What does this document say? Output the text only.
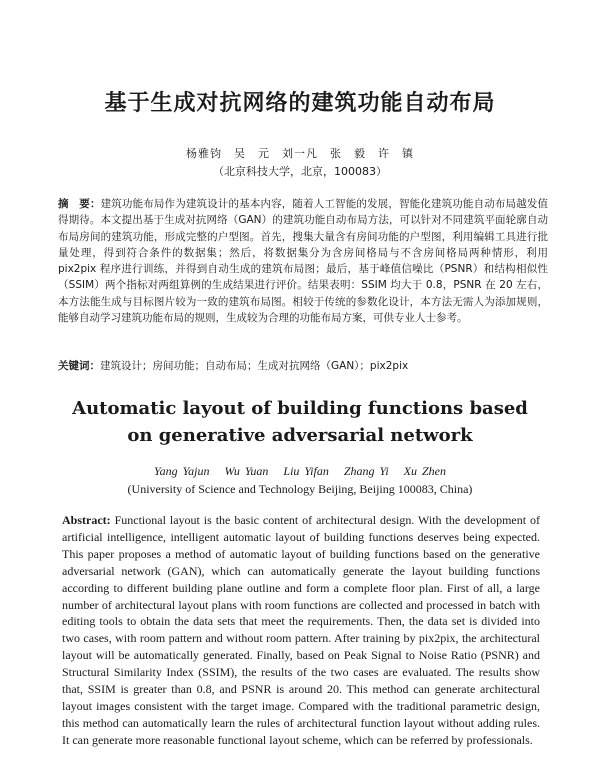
基于生成对抗网络的建筑功能自动布局
杨雅钧　吴　元　刘一凡　张　毅　许　镇
（北京科技大学，北京，100083）
摘　要：建筑功能布局作为建筑设计的基本内容，随着人工智能的发展，智能化建筑功能自动布局越发值得期待。本文提出基于生成对抗网络（GAN）的建筑功能自动布局方法，可以针对不同建筑平面轮廓自动布局房间的建筑功能，形成完整的户型图。首先，搜集大量含有房间功能的户型图，利用编辑工具进行批量处理，得到符合条件的数据集；然后，将数据集分为含房间格局与不含房间格局两种情形，利用 pix2pix 程序进行训练，并得到自动生成的建筑布局图；最后，基于峰值信噪比（PSNR）和结构相似性（SSIM）两个指标对两组算例的生成结果进行评价。结果表明：SSIM 均大于 0.8，PSNR 在 20 左右，本方法能生成与目标图片较为一致的建筑布局图。相较于传统的参数化设计，本方法无需人为添加规则，能够自动学习建筑功能布局的规则，生成较为合理的功能布局方案，可供专业人士参考。
关键词：建筑设计；房间功能；自动布局；生成对抗网络（GAN）；pix2pix
Automatic layout of building functions based
on generative adversarial network
Yang Yajun Wu Yuan Liu Yifan Zhang Yi Xu Zhen
(University of Science and Technology Beijing, Beijing 100083, China)
Abstract: Functional layout is the basic content of architectural design. With the development of artificial intelligence, intelligent automatic layout of building functions deserves being expected. This paper proposes a method of automatic layout of building functions based on the generative adversarial network (GAN), which can automatically generate the layout building functions according to different building plane outline and form a complete floor plan. First of all, a large number of architectural layout plans with room functions are collected and processed in batch with editing tools to obtain the data sets that meet the requirements. Then, the data set is divided into two cases, with room pattern and without room pattern. After training by pix2pix, the architectural layout will be automatically generated. Finally, based on Peak Signal to Noise Ratio (PSNR) and Structural Similarity Index (SSIM), the results of the two cases are evaluated. The results show that, SSIM is greater than 0.8, and PSNR is around 20. This method can generate architectural layout images consistent with the target image. Compared with the traditional parametric design, this method can automatically learn the rules of architectural function layout without adding rules. It can generate more reasonable functional layout scheme, which can be referred by professionals.
